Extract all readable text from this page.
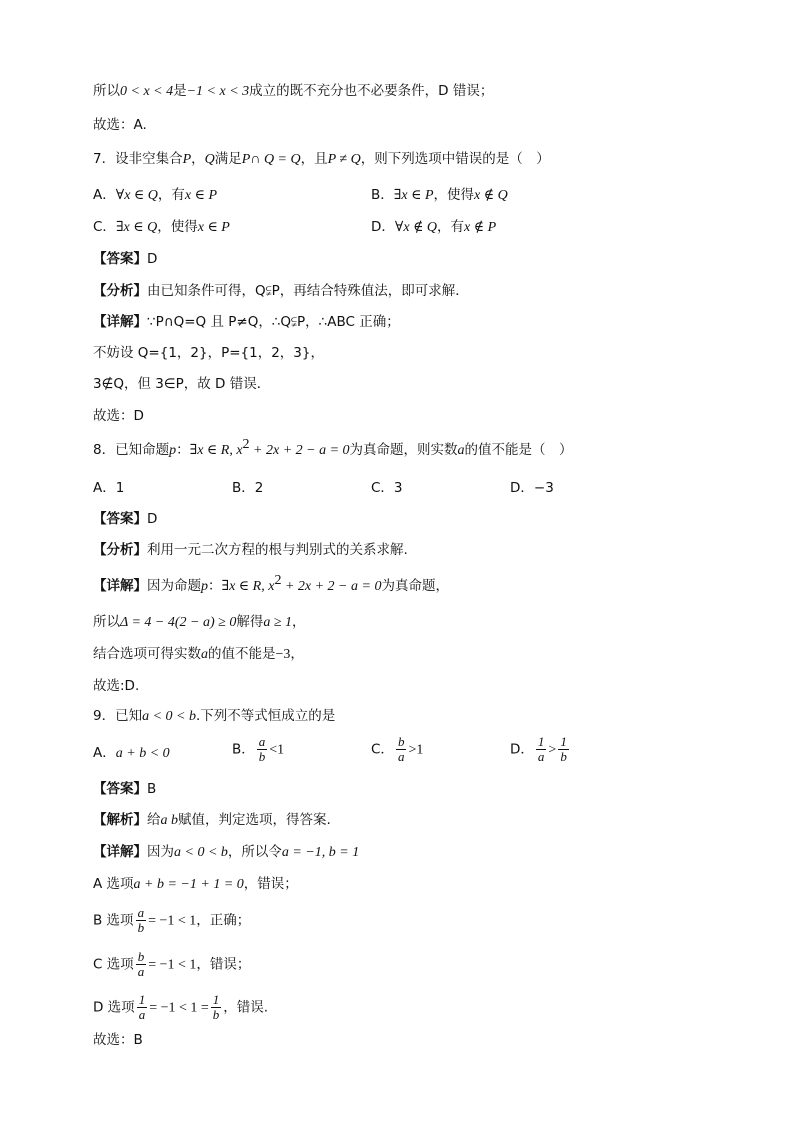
所以0 < x < 4是−1 < x < 3成立的既不充分也不必要条件，D 错误；
故选：A.
7．设非空集合P，Q满足P∩ Q = Q，且P ≠ Q，则下列选项中错误的是（　）
A．∀x ∈ Q，有x ∈ P	B．∃x ∈ P，使得x ∉ Q
C．∃x ∈ Q，使得x ∈ P	D．∀x ∉ Q，有x ∉ P
【答案】D
【分析】由已知条件可得，Q⫋P，再结合特殊值法，即可求解．
【详解】∵P∩Q=Q 且 P≠Q，∴Q⫋P，∴ABC 正确；
不妨设 Q={1，2}，P={1，2，3}，
3∉Q，但 3∈P，故 D 错误．
故选：D
8．已知命题p：∃x ∈ R, $x^2 + 2x + 2 - a = 0$为真命题，则实数a的值不能是（　）
A．1	B．2	C．3	D．−3
【答案】D
【分析】利用一元二次方程的根与判别式的关系求解.
【详解】因为命题p：∃x ∈ R, $x^2 + 2x + 2 - a = 0$为真命题，
所以Δ = 4 − 4(2 − a) ≥ 0解得a ≥ 1，
结合选项可得实数a的值不能是−3，
故选:D.
9．已知a < 0 < b.下列不等式恒成立的是
A．a + b < 0	B． $\frac{a}{b} <1$	C． $\frac{b}{a} >1$	D． $\frac{1}{a} > \frac{1}{b}$
【答案】B
【解析】给a b赋值，判定选项，得答案.
【详解】因为a < 0 < b，所以令a = −1, b = 1
A 选项a + b = −1 + 1 = 0，错误；
B 选项 $\frac{a}{b} = -1 < 1$，正确；
C 选项 $\frac{b}{a} = -1 < 1$，错误；
D 选项 $\frac{1}{a} = -1 < 1 = \frac{1}{b}$ ，错误.
故选：B
